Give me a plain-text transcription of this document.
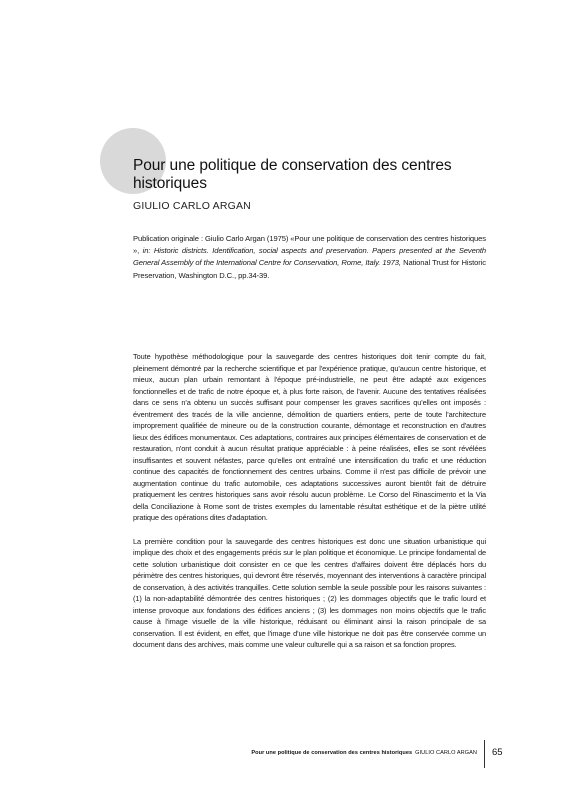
Pour une politique de conservation des centres historiques
GIULIO CARLO ARGAN

Publication originale : Giulio Carlo Argan (1975) «Pour une politique de conservation des centres historiques », in: Historic districts. Identification, social aspects and preservation. Papers presented at the Seventh General Assembly of the International Centre for Conservation, Rome, Italy. 1973, National Trust for Historic Preservation, Washington D.C., pp.34-39.

Toute hypothèse méthodologique pour la sauvegarde des centres historiques doit tenir compte du fait, pleinement démontré par la recherche scientifique et par l'expérience pratique, qu'aucun centre historique, et mieux, aucun plan urbain remontant à l'époque pré-industrielle, ne peut être adapté aux exigences fonctionnelles et de trafic de notre époque et, à plus forte raison, de l'avenir. Aucune des tentatives réalisées dans ce sens n'a obtenu un succès suffisant pour compenser les graves sacrifices qu'elles ont imposés : éventrement des tracés de la ville ancienne, démolition de quartiers entiers, perte de toute l'architecture improprement qualifiée de mineure ou de la construction courante, démontage et reconstruction en d'autres lieux des édifices monumentaux. Ces adaptations, contraires aux principes élémentaires de conservation et de restauration, n'ont conduit à aucun résultat pratique appréciable : à peine réalisées, elles se sont révélées insuffisantes et souvent néfastes, parce qu'elles ont entraîné une intensification du trafic et une réduction continue des capacités de fonctionnement des centres urbains. Comme il n'est pas difficile de prévoir une augmentation continue du trafic automobile, ces adaptations successives auront bientôt fait de détruire pratiquement les centres historiques sans avoir résolu aucun problème. Le Corso del Rinascimento et la Via della Conciliazione à Rome sont de tristes exemples du lamentable résultat esthétique et de la piètre utilité pratique des opérations dites d'adaptation.

La première condition pour la sauvegarde des centres historiques est donc une situation urbanistique qui implique des choix et des engagements précis sur le plan politique et économique. Le principe fondamental de cette solution urbanistique doit consister en ce que les centres d'affaires doivent être déplacés hors du périmètre des centres historiques, qui devront être réservés, moyennant des interventions à caractère principal de conservation, à des activités tranquilles. Cette solution semble la seule possible pour les raisons suivantes : (1) la non-adaptabilité démontrée des centres historiques ; (2) les dommages objectifs que le trafic lourd et intense provoque aux fondations des édifices anciens ; (3) les dommages non moins objectifs que le trafic cause à l'image visuelle de la ville historique, réduisant ou éliminant ainsi la raison principale de sa conservation. Il est évident, en effet, que l'image d'une ville historique ne doit pas être conservée comme un document dans des archives, mais comme une valeur culturelle qui a sa raison et sa fonction propres.

Pour une politique de conservation des centres historiques GIULIO CARLO ARGAN 65
